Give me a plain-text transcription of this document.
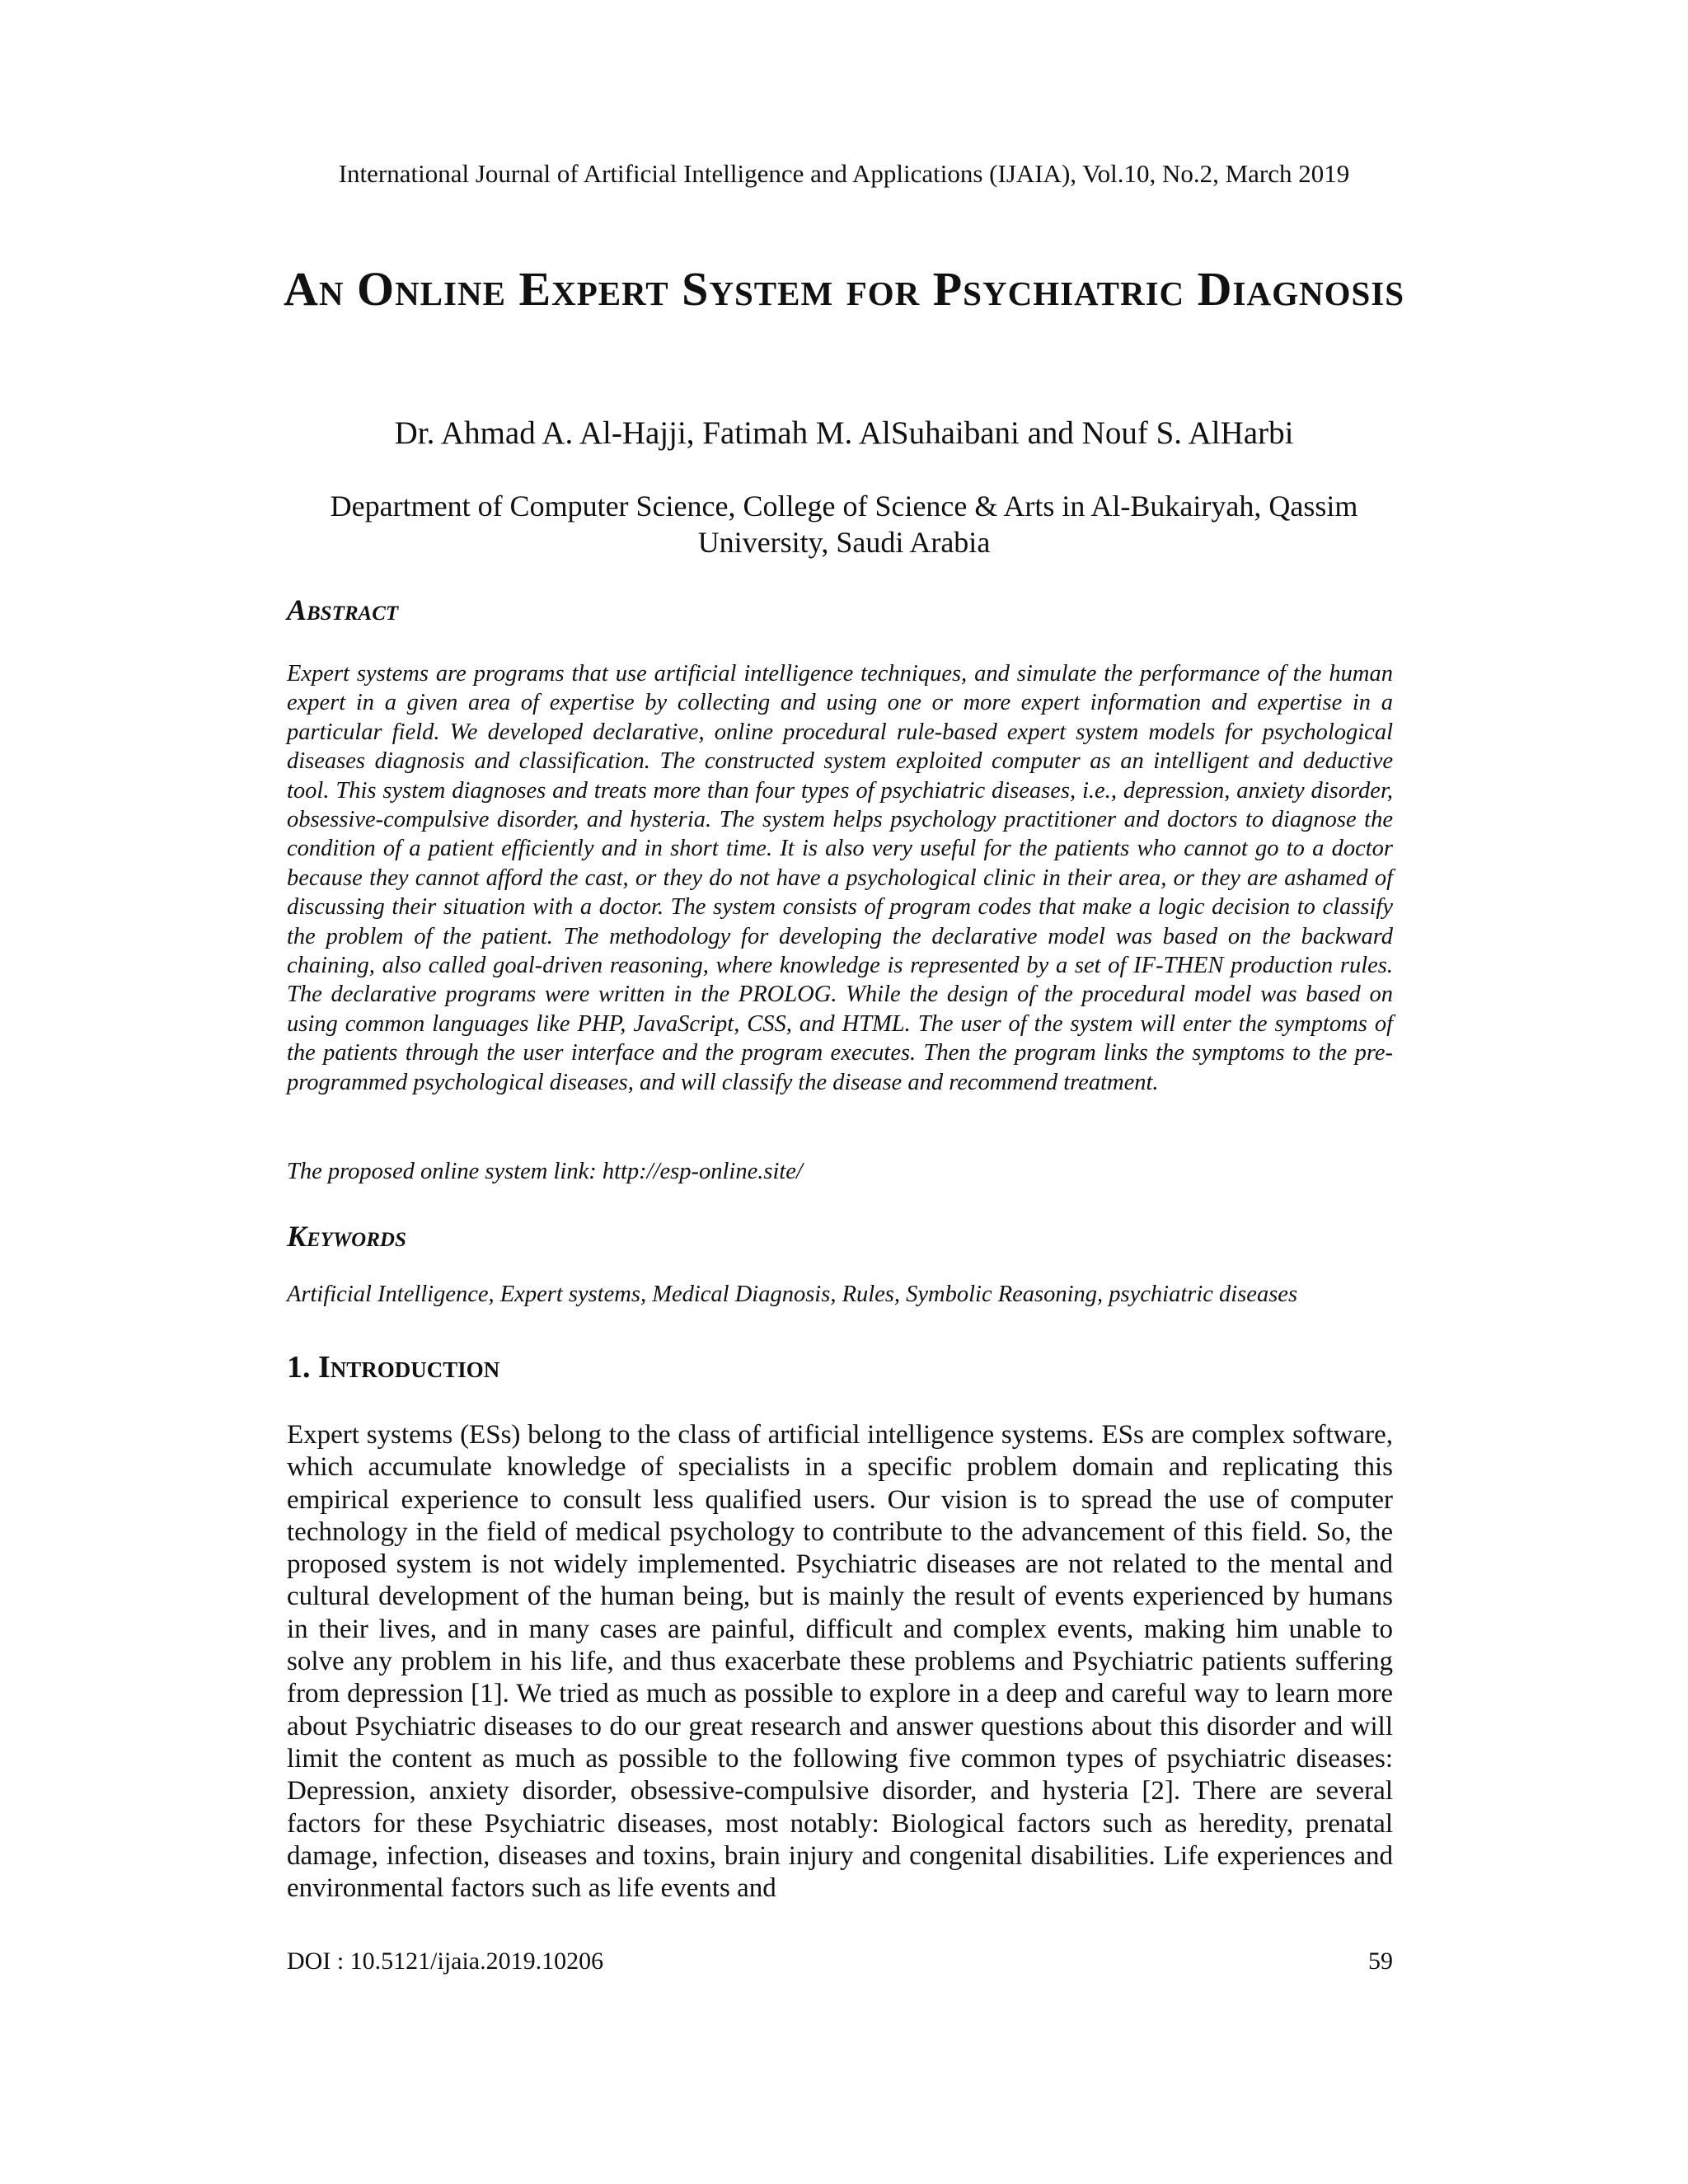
International Journal of Artificial Intelligence and Applications (IJAIA), Vol.10, No.2, March 2019
An Online Expert System for Psychiatric Diagnosis
Dr. Ahmad A. Al-Hajji, Fatimah M. AlSuhaibani and Nouf S. AlHarbi
Department of Computer Science, College of Science & Arts in Al-Bukairyah, Qassim University, Saudi Arabia
Abstract

Expert systems are programs that use artificial intelligence techniques, and simulate the performance of the human expert in a given area of expertise by collecting and using one or more expert information and expertise in a particular field. We developed declarative, online procedural rule-based expert system models for psychological diseases diagnosis and classification. The constructed system exploited computer as an intelligent and deductive tool. This system diagnoses and treats more than four types of psychiatric diseases, i.e., depression, anxiety disorder, obsessive-compulsive disorder, and hysteria. The system helps psychology practitioner and doctors to diagnose the condition of a patient efficiently and in short time. It is also very useful for the patients who cannot go to a doctor because they cannot afford the cast, or they do not have a psychological clinic in their area, or they are ashamed of discussing their situation with a doctor. The system consists of program codes that make a logic decision to classify the problem of the patient. The methodology for developing the declarative model was based on the backward chaining, also called goal-driven reasoning, where knowledge is represented by a set of IF-THEN production rules. The declarative programs were written in the PROLOG. While the design of the procedural model was based on using common languages like PHP, JavaScript, CSS, and HTML. The user of the system will enter the symptoms of the patients through the user interface and the program executes. Then the program links the symptoms to the pre-programmed psychological diseases, and will classify the disease and recommend treatment.

The proposed online system link: http://esp-online.site/
Keywords
Artificial Intelligence, Expert systems, Medical Diagnosis, Rules, Symbolic Reasoning, psychiatric diseases
1. Introduction

Expert systems (ESs) belong to the class of artificial intelligence systems. ESs are complex software, which accumulate knowledge of specialists in a specific problem domain and replicating this empirical experience to consult less qualified users. Our vision is to spread the use of computer technology in the field of medical psychology to contribute to the advancement of this field. So, the proposed system is not widely implemented. Psychiatric diseases are not related to the mental and cultural development of the human being, but is mainly the result of events experienced by humans in their lives, and in many cases are painful, difficult and complex events, making him unable to solve any problem in his life, and thus exacerbate these problems and Psychiatric patients suffering from depression [1]. We tried as much as possible to explore in a deep and careful way to learn more about Psychiatric diseases to do our great research and answer questions about this disorder and will limit the content as much as possible to the following five common types of psychiatric diseases: Depression, anxiety disorder, obsessive-compulsive disorder, and hysteria [2]. There are several factors for these Psychiatric diseases, most notably: Biological factors such as heredity, prenatal damage, infection, diseases and toxins, brain injury and congenital disabilities. Life experiences and environmental factors such as life events and

DOI : 10.5121/ijaia.2019.10206	59
